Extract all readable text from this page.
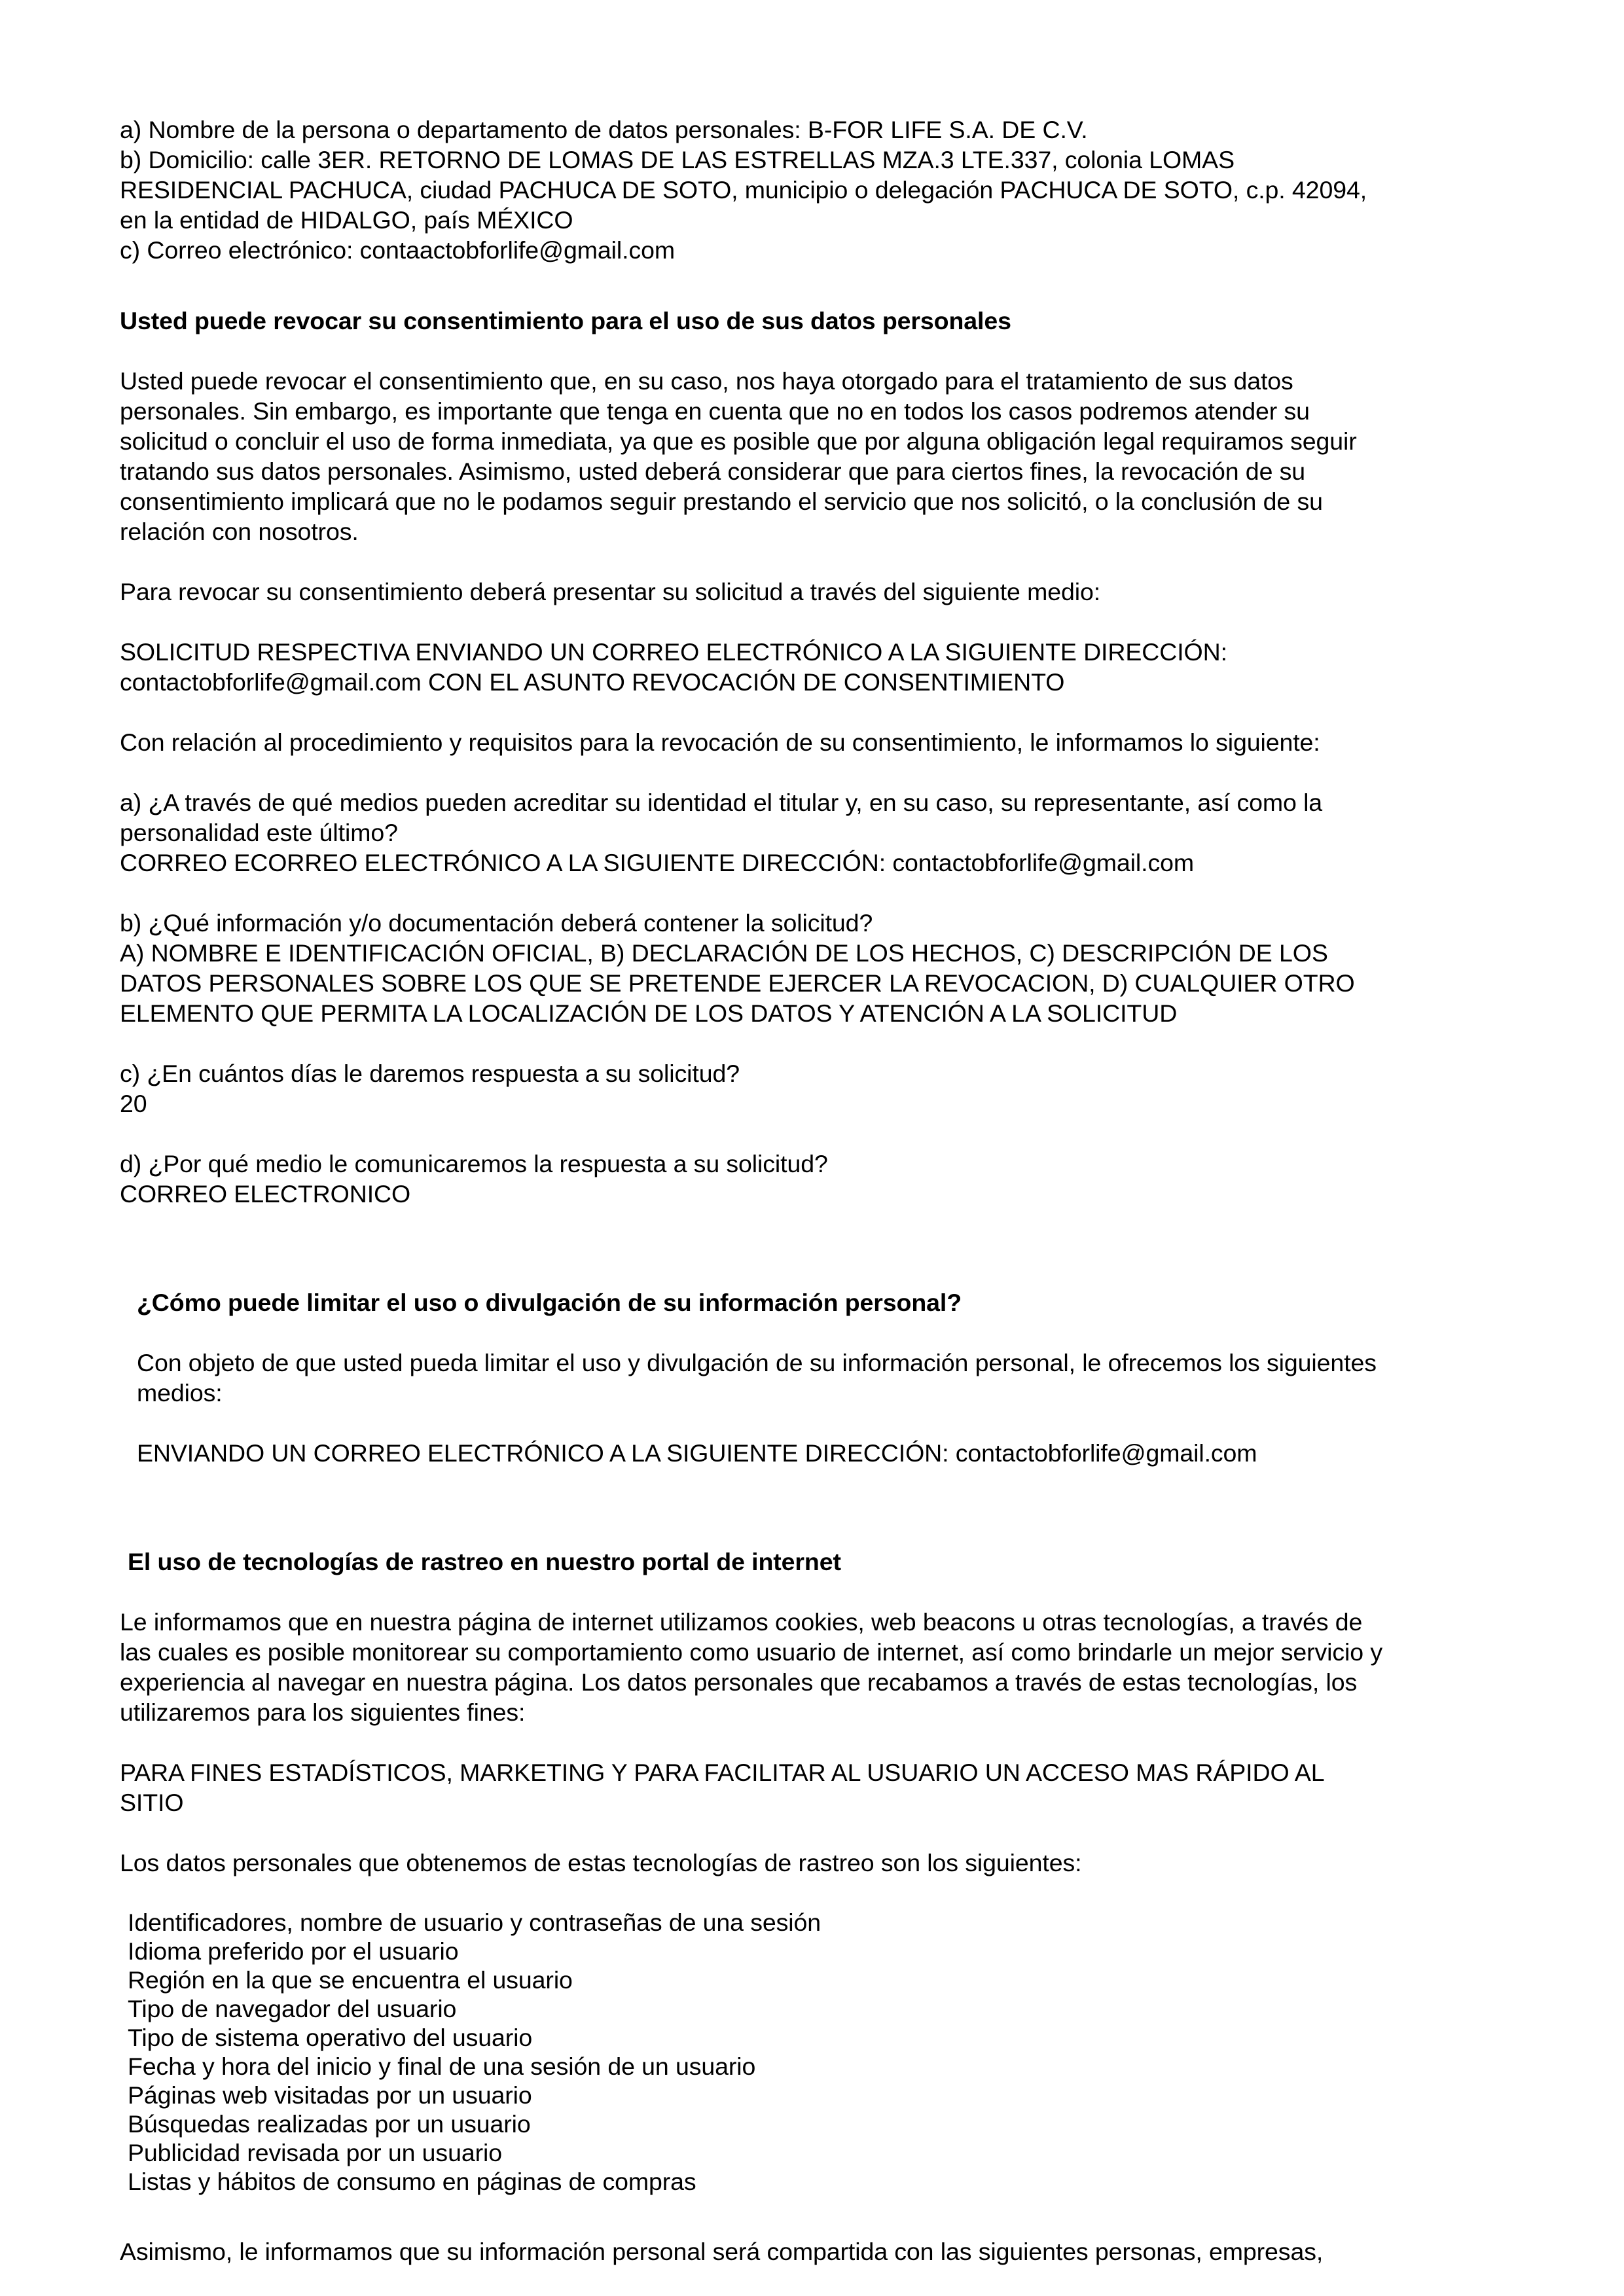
a) Nombre de la persona o departamento de datos personales: B-FOR LIFE S.A. DE C.V.
b) Domicilio: calle 3ER. RETORNO DE LOMAS DE LAS ESTRELLAS MZA.3 LTE.337, colonia LOMAS
RESIDENCIAL PACHUCA, ciudad PACHUCA DE SOTO, municipio o delegación PACHUCA DE SOTO, c.p. 42094,
en la entidad de HIDALGO, país MÉXICO
c) Correo electrónico: contaactobforlife@gmail.com
Usted puede revocar su consentimiento para el uso de sus datos personales
Usted puede revocar el consentimiento que, en su caso, nos haya otorgado para el tratamiento de sus datos
personales. Sin embargo, es importante que tenga en cuenta que no en todos los casos podremos atender su
solicitud o concluir el uso de forma inmediata, ya que es posible que por alguna obligación legal requiramos seguir
tratando sus datos personales. Asimismo, usted deberá considerar que para ciertos fines, la revocación de su
consentimiento implicará que no le podamos seguir prestando el servicio que nos solicitó, o la conclusión de su
relación con nosotros.
Para revocar su consentimiento deberá presentar su solicitud a través del siguiente medio:
SOLICITUD RESPECTIVA ENVIANDO UN CORREO ELECTRÓNICO A LA SIGUIENTE DIRECCIÓN:
contactobforlife@gmail.com CON EL ASUNTO REVOCACIÓN DE CONSENTIMIENTO
Con relación al procedimiento y requisitos para la revocación de su consentimiento, le informamos lo siguiente:
a) ¿A través de qué medios pueden acreditar su identidad el titular y, en su caso, su representante, así como la
personalidad este último?
CORREO ECORREO ELECTRÓNICO A LA SIGUIENTE DIRECCIÓN: contactobforlife@gmail.com
b) ¿Qué información y/o documentación deberá contener la solicitud?
A) NOMBRE E IDENTIFICACIÓN OFICIAL, B) DECLARACIÓN DE LOS HECHOS, C) DESCRIPCIÓN DE LOS
DATOS PERSONALES SOBRE LOS QUE SE PRETENDE EJERCER LA REVOCACION, D) CUALQUIER OTRO
ELEMENTO QUE PERMITA LA LOCALIZACIÓN DE LOS DATOS Y ATENCIÓN A LA SOLICITUD
c) ¿En cuántos días le daremos respuesta a su solicitud?
20
d) ¿Por qué medio le comunicaremos la respuesta a su solicitud?
CORREO ELECTRONICO
¿Cómo puede limitar el uso o divulgación de su información personal?
Con objeto de que usted pueda limitar el uso y divulgación de su información personal, le ofrecemos los siguientes
medios:
ENVIANDO UN CORREO ELECTRÓNICO A LA SIGUIENTE DIRECCIÓN: contactobforlife@gmail.com
El uso de tecnologías de rastreo en nuestro portal de internet
Le informamos que en nuestra página de internet utilizamos cookies, web beacons u otras tecnologías, a través de
las cuales es posible monitorear su comportamiento como usuario de internet, así como brindarle un mejor servicio y
experiencia al navegar en nuestra página. Los datos personales que recabamos a través de estas tecnologías, los
utilizaremos para los siguientes fines:
PARA FINES ESTADÍSTICOS, MARKETING Y PARA FACILITAR AL USUARIO UN ACCESO MAS RÁPIDO AL
SITIO
Los datos personales que obtenemos de estas tecnologías de rastreo son los siguientes:
Identificadores, nombre de usuario y contraseñas de una sesión
Idioma preferido por el usuario
Región en la que se encuentra el usuario
Tipo de navegador del usuario
Tipo de sistema operativo del usuario
Fecha y hora del inicio y final de una sesión de un usuario
Páginas web visitadas por un usuario
Búsquedas realizadas por un usuario
Publicidad revisada por un usuario
Listas y hábitos de consumo en páginas de compras
Asimismo, le informamos que su información personal será compartida con las siguientes personas, empresas,
